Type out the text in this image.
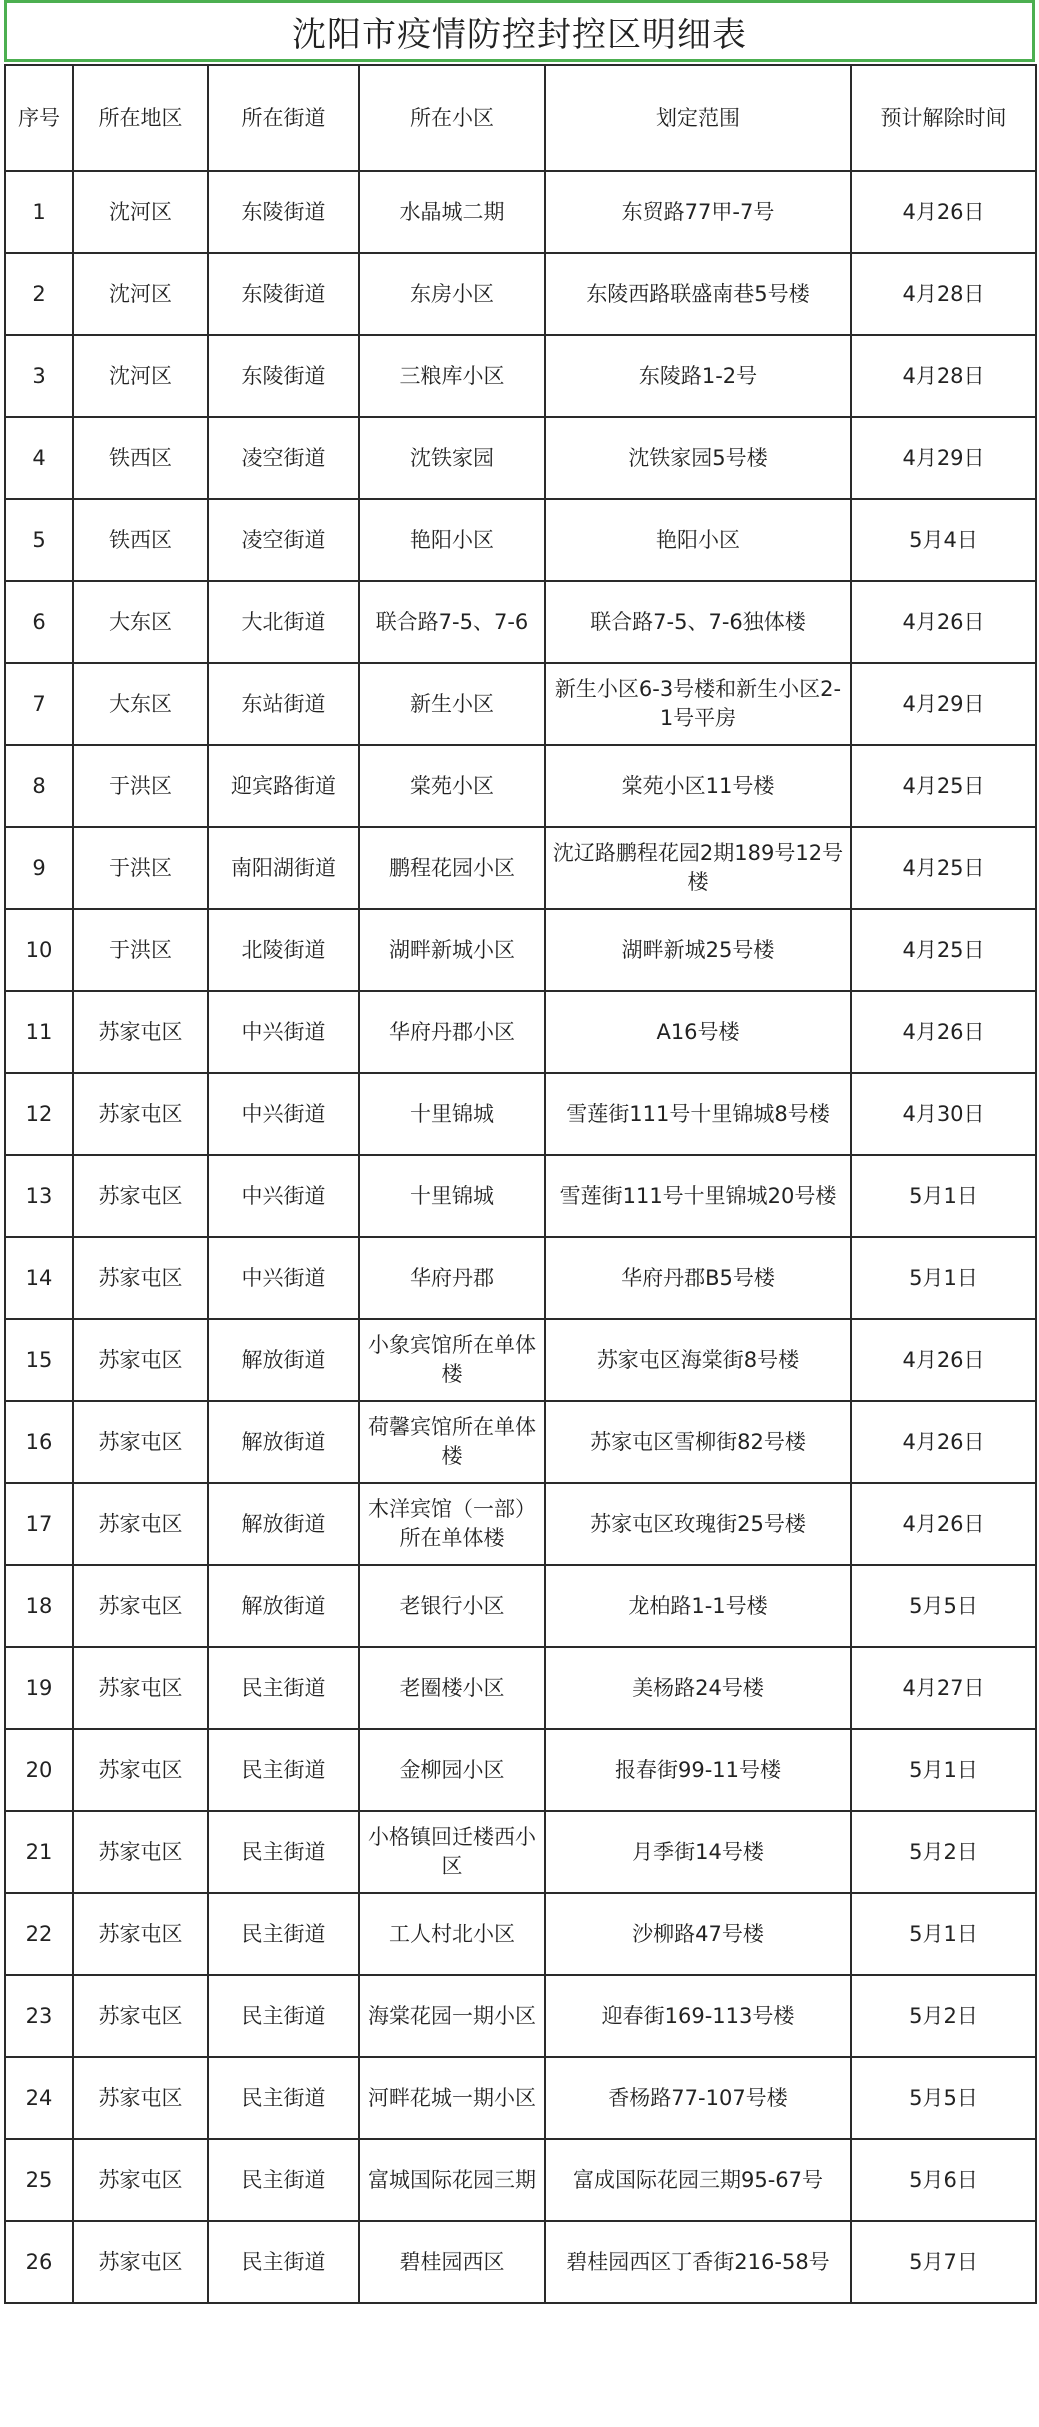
沈阳市疫情防控封控区明细表
序号	所在地区	所在街道	所在小区	划定范围	预计解除时间
1	沈河区	东陵街道	水晶城二期	东贸路77甲-7号	4月26日
2	沈河区	东陵街道	东房小区	东陵西路联盛南巷5号楼	4月28日
3	沈河区	东陵街道	三粮库小区	东陵路1-2号	4月28日
4	铁西区	凌空街道	沈铁家园	沈铁家园5号楼	4月29日
5	铁西区	凌空街道	艳阳小区	艳阳小区	5月4日
6	大东区	大北街道	联合路7-5、7-6	联合路7-5、7-6独体楼	4月26日
7	大东区	东站街道	新生小区	新生小区6-3号楼和新生小区2-1号平房	4月29日
8	于洪区	迎宾路街道	棠苑小区	棠苑小区11号楼	4月25日
9	于洪区	南阳湖街道	鹏程花园小区	沈辽路鹏程花园2期189号12号楼	4月25日
10	于洪区	北陵街道	湖畔新城小区	湖畔新城25号楼	4月25日
11	苏家屯区	中兴街道	华府丹郡小区	A16号楼	4月26日
12	苏家屯区	中兴街道	十里锦城	雪莲街111号十里锦城8号楼	4月30日
13	苏家屯区	中兴街道	十里锦城	雪莲街111号十里锦城20号楼	5月1日
14	苏家屯区	中兴街道	华府丹郡	华府丹郡B5号楼	5月1日
15	苏家屯区	解放街道	小象宾馆所在单体楼	苏家屯区海棠街8号楼	4月26日
16	苏家屯区	解放街道	荷馨宾馆所在单体楼	苏家屯区雪柳街82号楼	4月26日
17	苏家屯区	解放街道	木洋宾馆（一部）所在单体楼	苏家屯区玫瑰街25号楼	4月26日
18	苏家屯区	解放街道	老银行小区	龙柏路1-1号楼	5月5日
19	苏家屯区	民主街道	老圈楼小区	美杨路24号楼	4月27日
20	苏家屯区	民主街道	金柳园小区	报春街99-11号楼	5月1日
21	苏家屯区	民主街道	小格镇回迁楼西小区	月季街14号楼	5月2日
22	苏家屯区	民主街道	工人村北小区	沙柳路47号楼	5月1日
23	苏家屯区	民主街道	海棠花园一期小区	迎春街169-113号楼	5月2日
24	苏家屯区	民主街道	河畔花城一期小区	香杨路77-107号楼	5月5日
25	苏家屯区	民主街道	富城国际花园三期	富成国际花园三期95-67号	5月6日
26	苏家屯区	民主街道	碧桂园西区	碧桂园西区丁香街216-58号	5月7日
